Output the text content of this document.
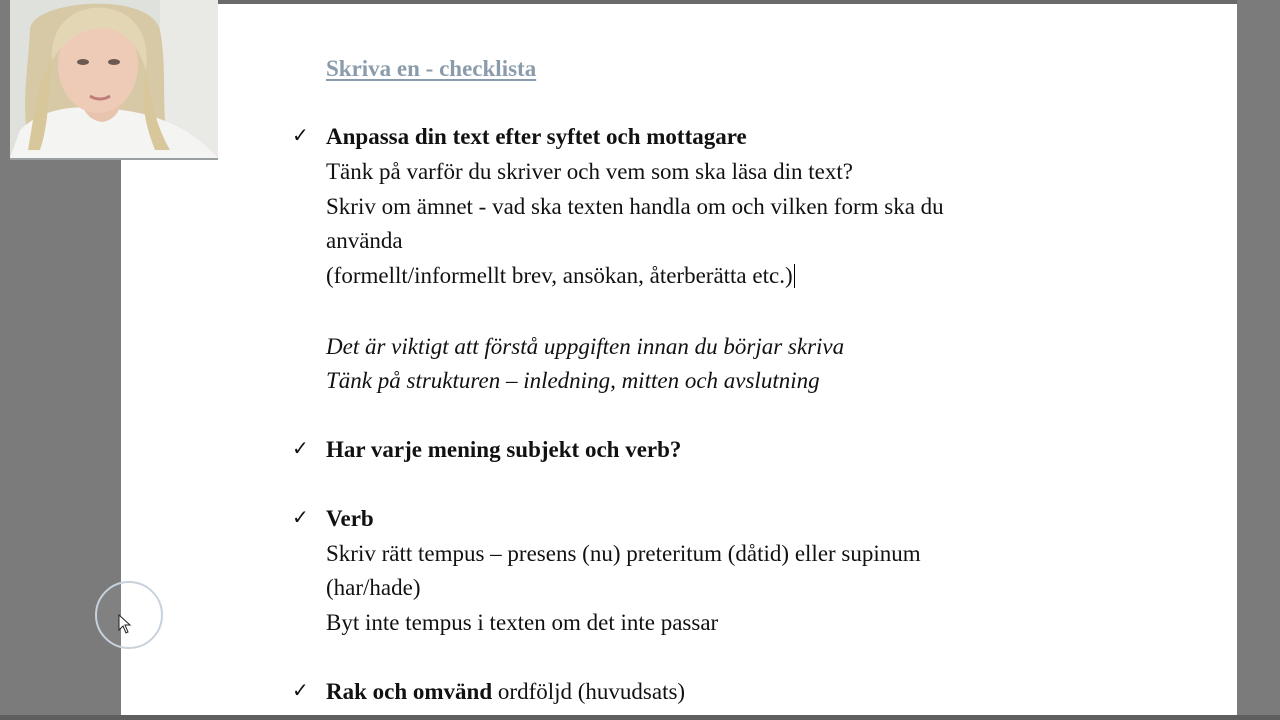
Skriva en - checklista
✓ Anpassa din text efter syftet och mottagare
Tänk på varför du skriver och vem som ska läsa din text?
Skriv om ämnet - vad ska texten handla om och vilken form ska du
använda
(formellt/informellt brev, ansökan, återberätta etc.)
Det är viktigt att förstå uppgiften innan du börjar skriva
Tänk på strukturen – inledning, mitten och avslutning
✓ Har varje mening subjekt och verb?
✓ Verb
Skriv rätt tempus – presens (nu) preteritum (dåtid) eller supinum
(har/hade)
Byt inte tempus i texten om det inte passar
✓ Rak och omvänd ordföljd (huvudsats)
